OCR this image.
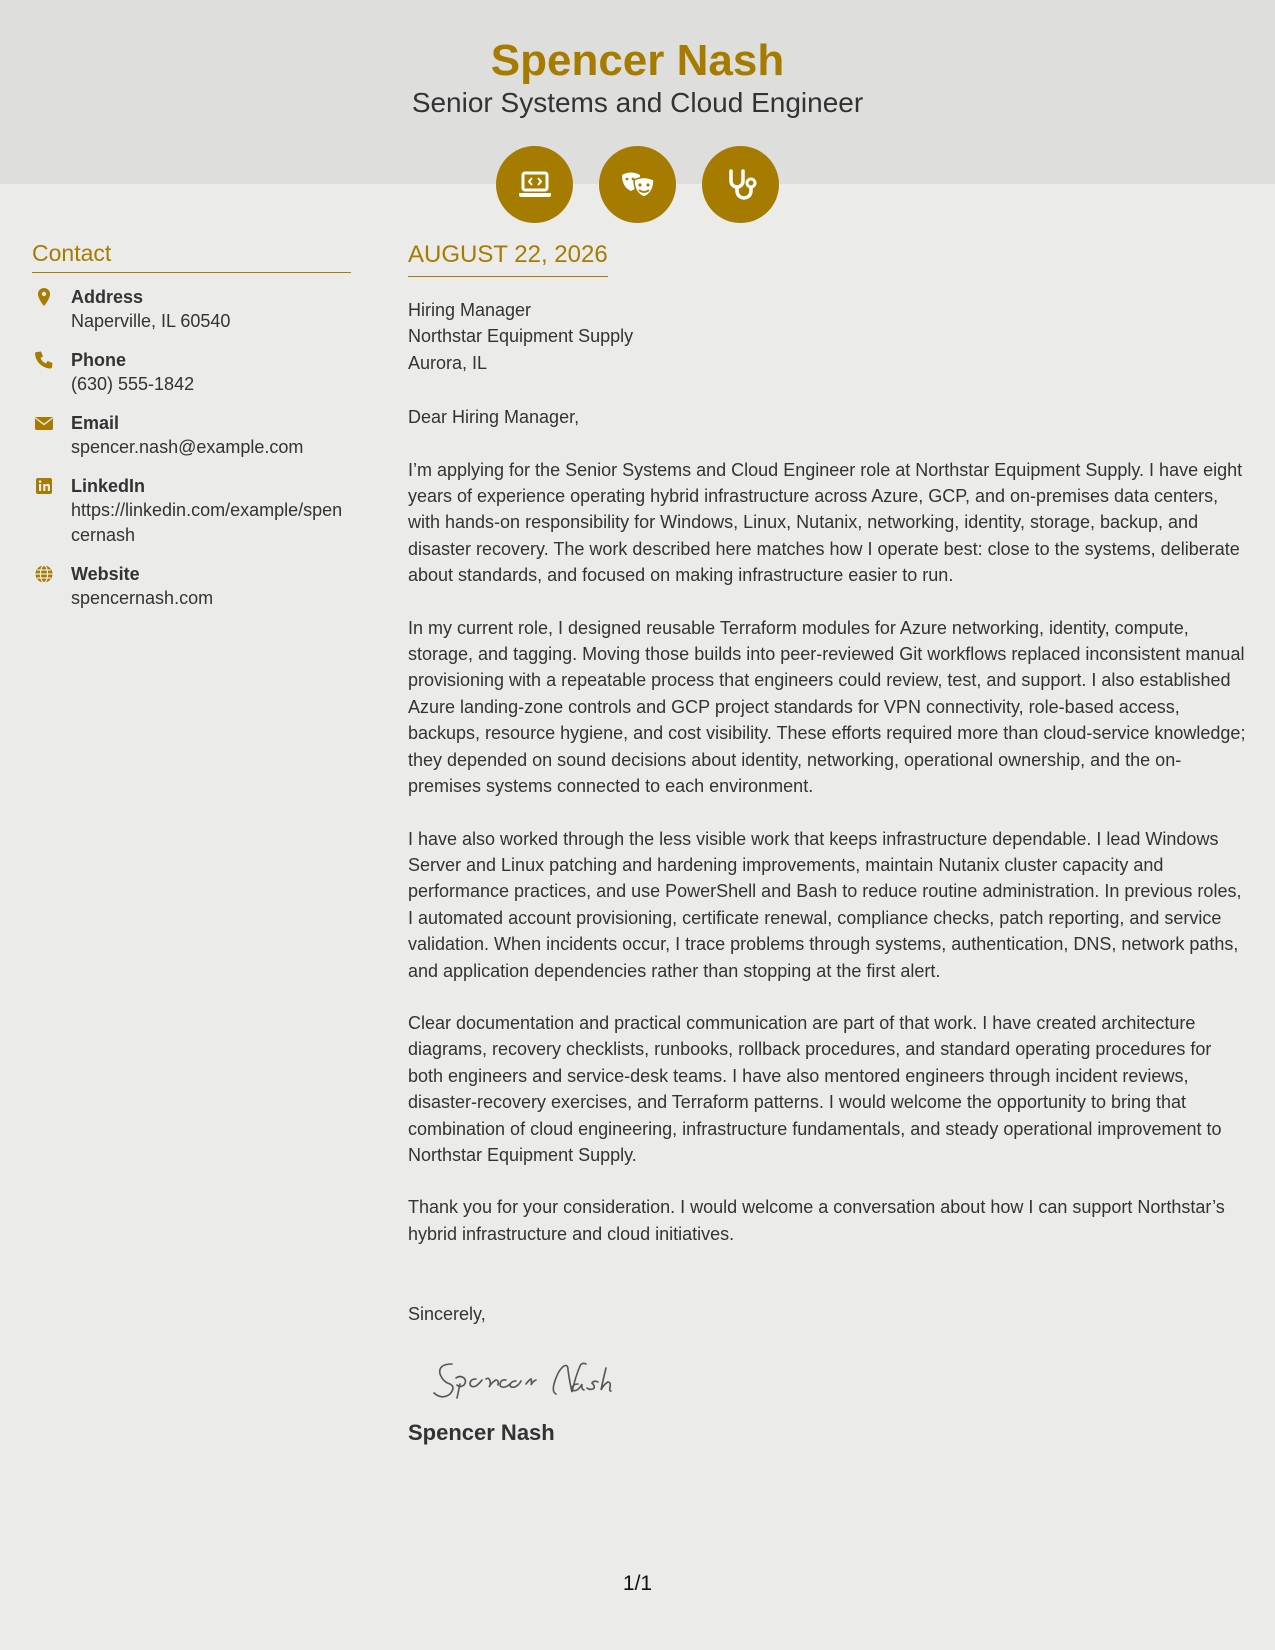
Spencer Nash
Senior Systems and Cloud Engineer
Contact
Address
Naperville, IL 60540
Phone
(630) 555-1842
Email
spencer.nash@example.com
LinkedIn
https://linkedin.com/example/spencernash
Website
spencernash.com
AUGUST 22, 2026
Hiring Manager
Northstar Equipment Supply
Aurora, IL
Dear Hiring Manager,
I’m applying for the Senior Systems and Cloud Engineer role at Northstar Equipment Supply. I have eight years of experience operating hybrid infrastructure across Azure, GCP, and on-premises data centers, with hands-on responsibility for Windows, Linux, Nutanix, networking, identity, storage, backup, and disaster recovery. The work described here matches how I operate best: close to the systems, deliberate about standards, and focused on making infrastructure easier to run.
In my current role, I designed reusable Terraform modules for Azure networking, identity, compute, storage, and tagging. Moving those builds into peer-reviewed Git workflows replaced inconsistent manual provisioning with a repeatable process that engineers could review, test, and support. I also established Azure landing-zone controls and GCP project standards for VPN connectivity, role-based access, backups, resource hygiene, and cost visibility. These efforts required more than cloud-service knowledge; they depended on sound decisions about identity, networking, operational ownership, and the on-premises systems connected to each environment.
I have also worked through the less visible work that keeps infrastructure dependable. I lead Windows Server and Linux patching and hardening improvements, maintain Nutanix cluster capacity and performance practices, and use PowerShell and Bash to reduce routine administration. In previous roles, I automated account provisioning, certificate renewal, compliance checks, patch reporting, and service validation. When incidents occur, I trace problems through systems, authentication, DNS, network paths, and application dependencies rather than stopping at the first alert.
Clear documentation and practical communication are part of that work. I have created architecture diagrams, recovery checklists, runbooks, rollback procedures, and standard operating procedures for both engineers and service-desk teams. I have also mentored engineers through incident reviews, disaster-recovery exercises, and Terraform patterns. I would welcome the opportunity to bring that combination of cloud engineering, infrastructure fundamentals, and steady operational improvement to Northstar Equipment Supply.
Thank you for your consideration. I would welcome a conversation about how I can support Northstar’s hybrid infrastructure and cloud initiatives.
Sincerely,
Spencer Nash
1/1
